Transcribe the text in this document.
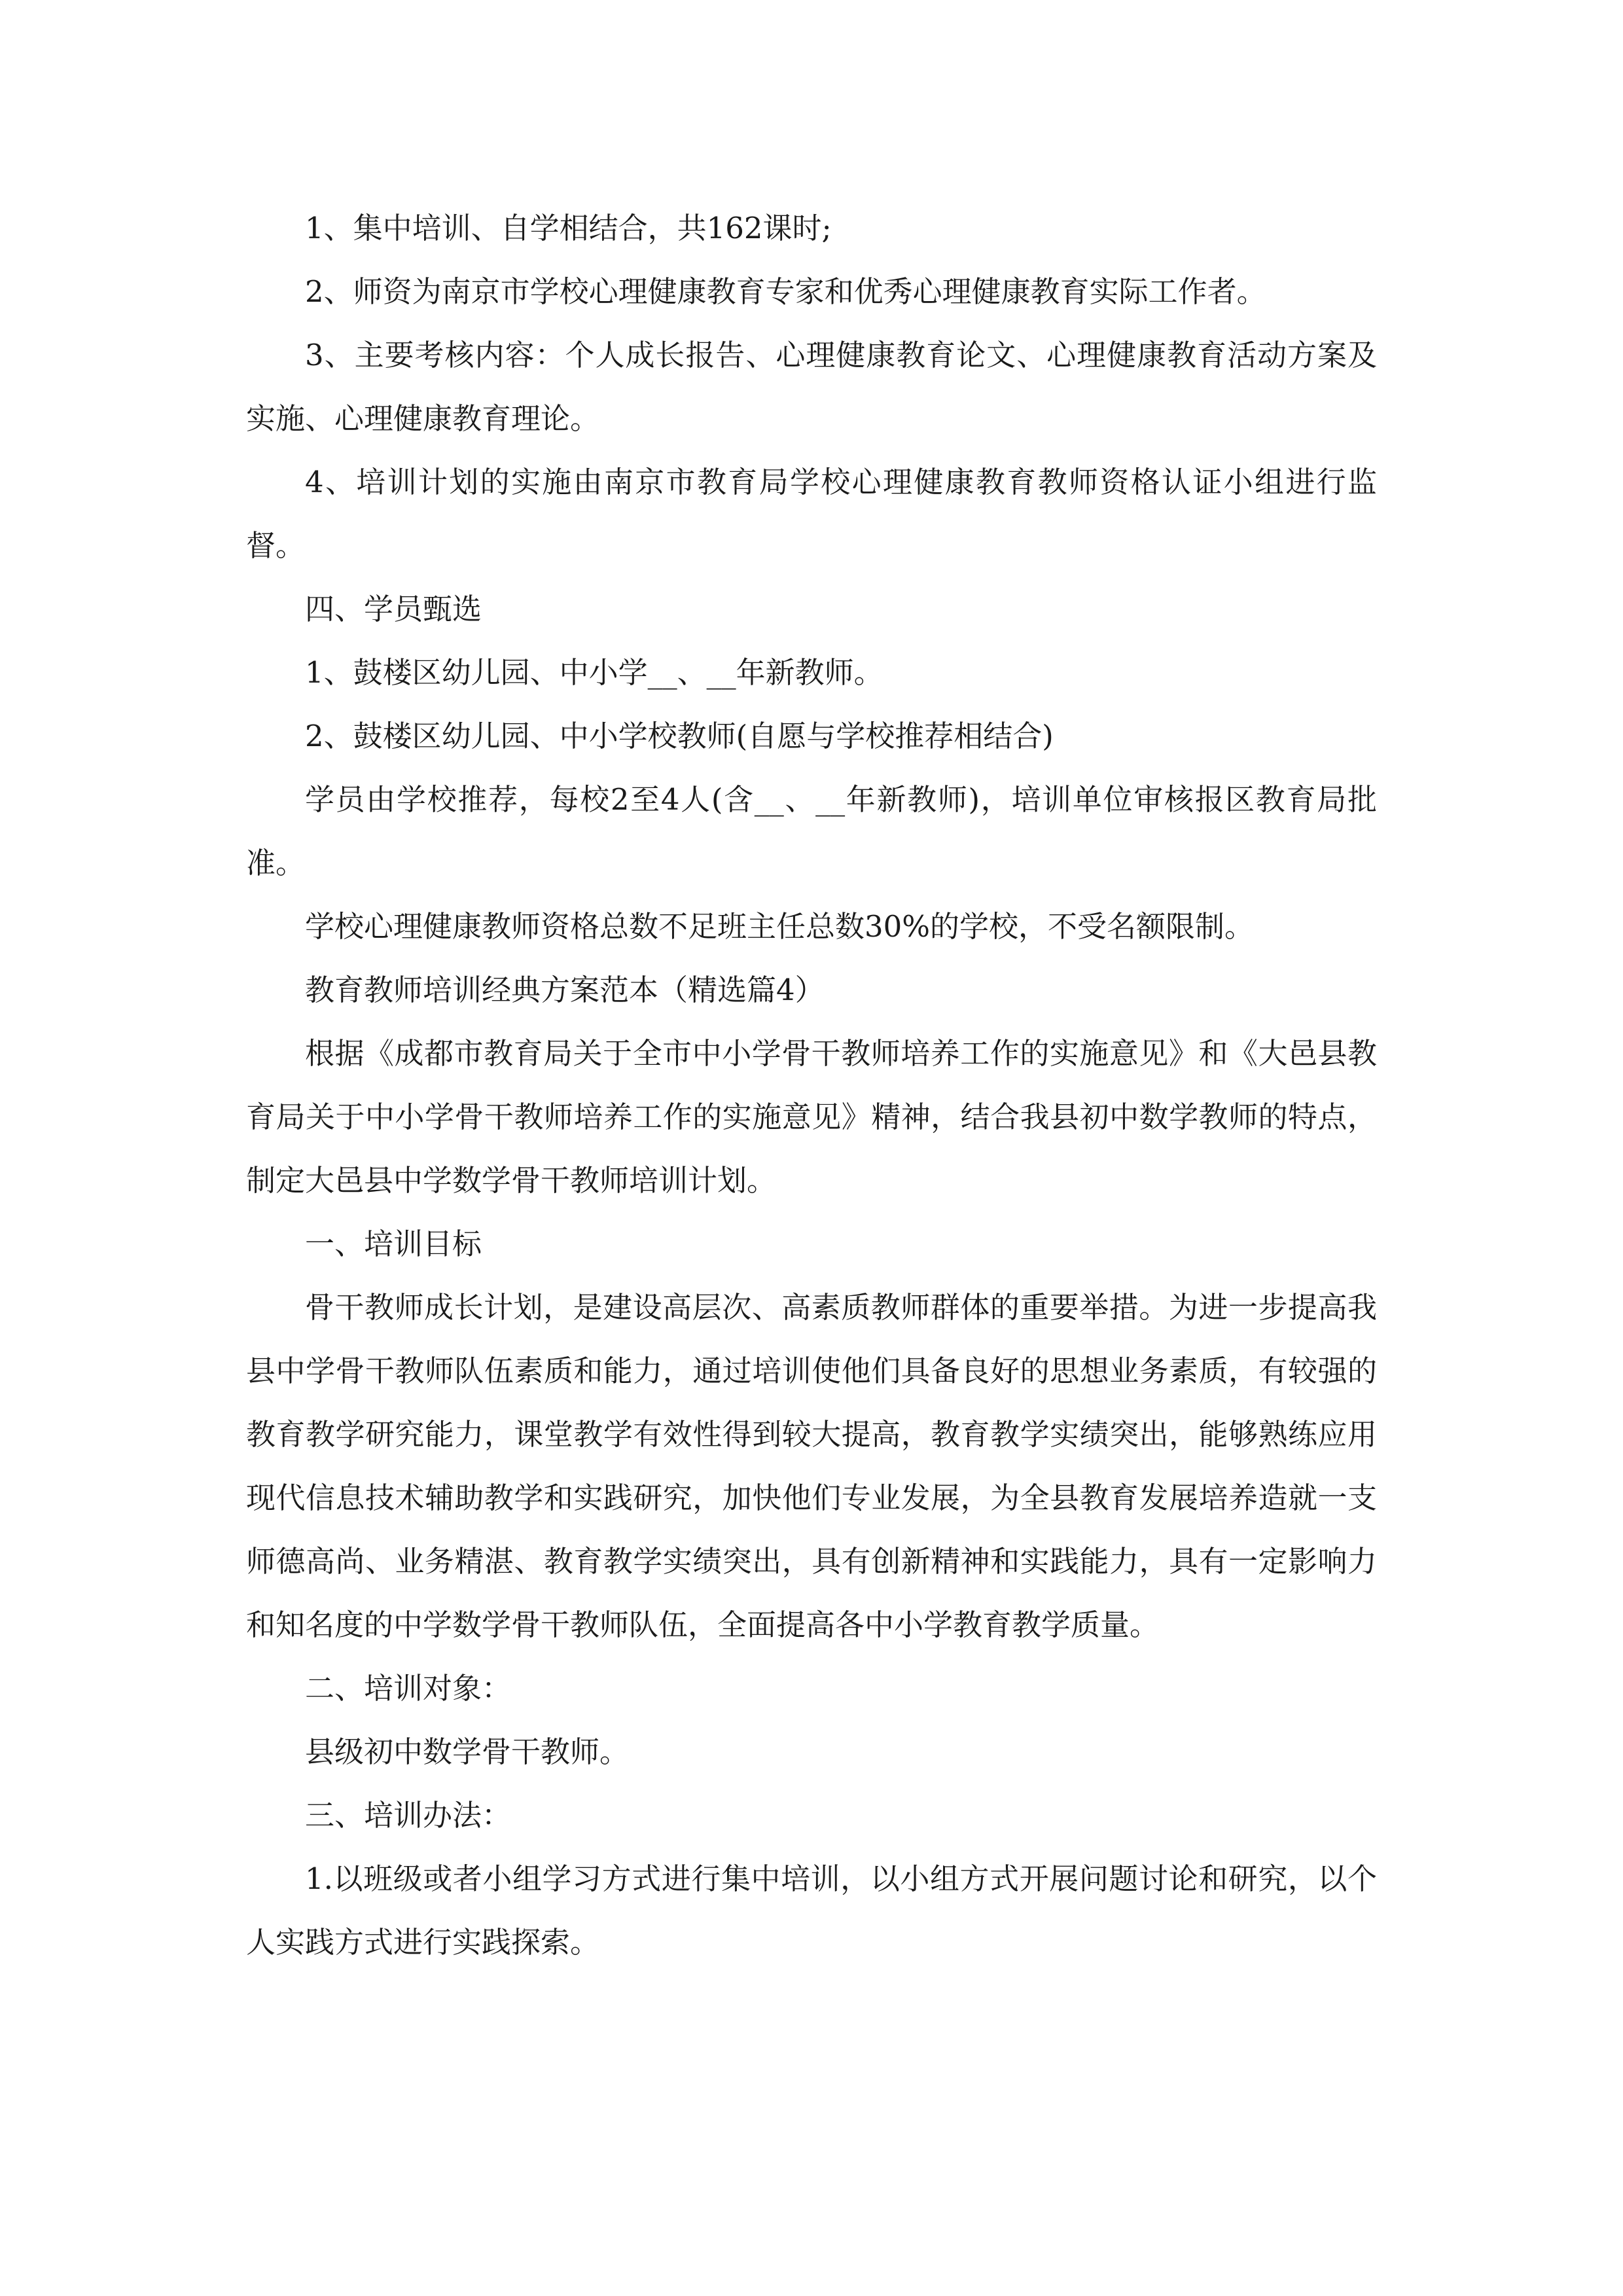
1、集中培训、自学相结合，共162课时;

2、师资为南京市学校心理健康教育专家和优秀心理健康教育实际工作者。

3、主要考核内容：个人成长报告、心理健康教育论文、心理健康教育活动方案及实施、心理健康教育理论。

4、培训计划的实施由南京市教育局学校心理健康教育教师资格认证小组进行监督。

四、学员甄选

1、鼓楼区幼儿园、中小学__、__年新教师。

2、鼓楼区幼儿园、中小学校教师(自愿与学校推荐相结合)

学员由学校推荐，每校2至4人(含__、__年新教师)，培训单位审核报区教育局批准。

学校心理健康教师资格总数不足班主任总数30%的学校，不受名额限制。

教育教师培训经典方案范本（精选篇4）

根据《成都市教育局关于全市中小学骨干教师培养工作的实施意见》和《大邑县教育局关于中小学骨干教师培养工作的实施意见》精神，结合我县初中数学教师的特点，制定大邑县中学数学骨干教师培训计划。

一、培训目标

骨干教师成长计划，是建设高层次、高素质教师群体的重要举措。为进一步提高我县中学骨干教师队伍素质和能力，通过培训使他们具备良好的思想业务素质，有较强的教育教学研究能力，课堂教学有效性得到较大提高，教育教学实绩突出，能够熟练应用现代信息技术辅助教学和实践研究，加快他们专业发展，为全县教育发展培养造就一支师德高尚、业务精湛、教育教学实绩突出，具有创新精神和实践能力，具有一定影响力和知名度的中学数学骨干教师队伍，全面提高各中小学教育教学质量。

二、培训对象：

县级初中数学骨干教师。

三、培训办法：

1.以班级或者小组学习方式进行集中培训，以小组方式开展问题讨论和研究，以个人实践方式进行实践探索。
